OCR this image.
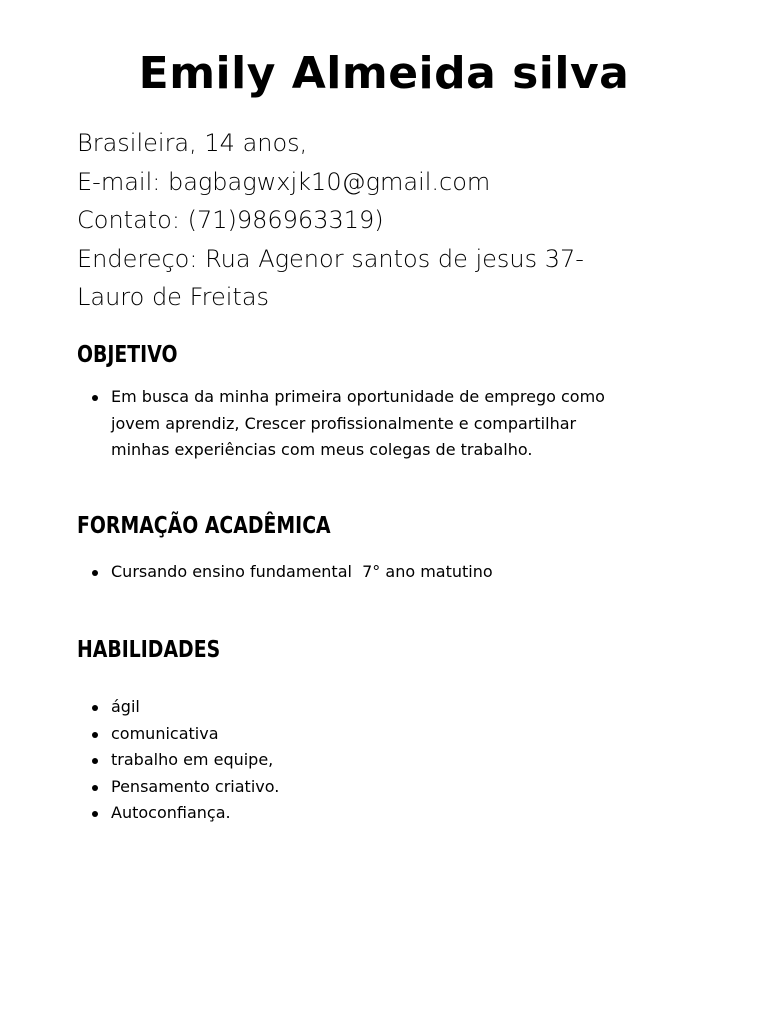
Emily Almeida silva
Brasileira, 14 anos,
E-mail: bagbagwxjk10@gmail.com
Contato: (71)986963319)
Endereço: Rua Agenor santos de jesus 37-
Lauro de Freitas
OBJETIVO
Em busca da minha primeira oportunidade de emprego como jovem aprendiz, Crescer profissionalmente e compartilhar minhas experiências com meus colegas de trabalho.
FORMAÇÃO ACADÊMICA
Cursando ensino fundamental  7° ano matutino
HABILIDADES
ágil
comunicativa
trabalho em equipe,
Pensamento criativo.
Autoconfiança.
